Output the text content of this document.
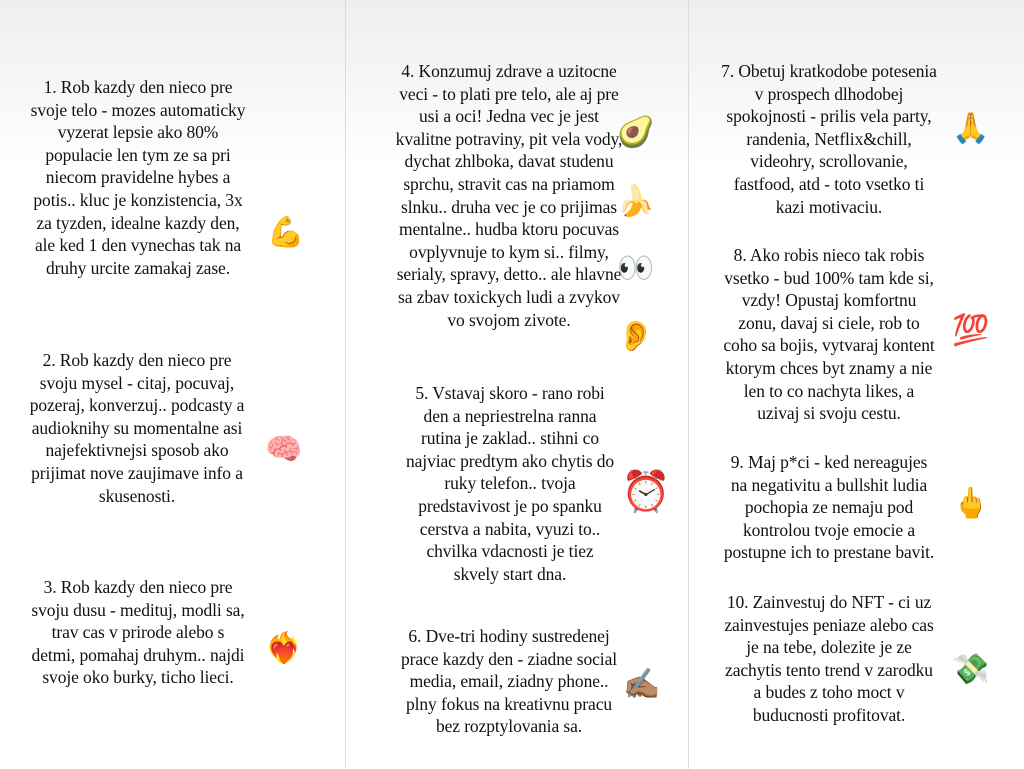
1. Rob kazdy den nieco pre svoje telo - mozes automaticky vyzerat lepsie ako 80% populacie len tym ze sa pri niecom pravidelne hybes a potis.. kluc je konzistencia, 3x za tyzden, idealne kazdy den, ale ked 1 den vynechas tak na druhy urcite zamakaj zase.

2. Rob kazdy den nieco pre svoju mysel - citaj, pocuvaj, pozeraj, konverzuj.. podcasty a audioknihy su momentalne asi najefektivnejsi sposob ako prijimat nove zaujimave info a skusenosti.

3. Rob kazdy den nieco pre svoju dusu - medituj, modli sa, trav cas v prirode alebo s detmi, pomahaj druhym.. najdi svoje oko burky, ticho lieci.

💪
🧠
❤️‍🔥

4. Konzumuj zdrave a uzitocne veci - to plati pre telo, ale aj pre usi a oci! Jedna vec je jest kvalitne potraviny, pit vela vody, dychat zhlboka, davat studenu sprchu, stravit cas na priamom slnku.. druha vec je co prijimas mentalne.. hudba ktoru pocuvas ovplyvnuje to kym si.. filmy, serialy, spravy, detto.. ale hlavne sa zbav toxickych ludi a zvykov vo svojom zivote.

5. Vstavaj skoro - rano robi den a nepriestrelna ranna rutina je zaklad.. stihni co najviac predtym ako chytis do ruky telefon.. tvoja predstavivost je po spanku cerstva a nabita, vyuzi to.. chvilka vdacnosti je tiez skvely start dna.

6. Dve-tri hodiny sustredenej prace kazdy den - ziadne social media, email, ziadny phone.. plny fokus na kreativnu pracu bez rozptylovania sa.

🥑
🍌
👀
👂
⏰
✍🏽

7. Obetuj kratkodobe potesenia v prospech dlhodobej spokojnosti - prilis vela party, randenia, Netflix&chill, videohry, scrollovanie, fastfood, atd - toto vsetko ti kazi motivaciu.

8. Ako robis nieco tak robis vsetko - bud 100% tam kde si, vzdy! Opustaj komfortnu zonu, davaj si ciele, rob to coho sa bojis, vytvaraj kontent ktorym chces byt znamy a nie len to co nachyta likes, a uzivaj si svoju cestu.

9. Maj p*ci - ked nereagujes na negativitu a bullshit ludia pochopia ze nemaju pod kontrolou tvoje emocie a postupne ich to prestane bavit.

10. Zainvestuj do NFT - ci uz zainvestujes peniaze alebo cas je na tebe, dolezite je ze zachytis tento trend v zarodku a budes z toho moct v buducnosti profitovat.

🙏
💯
🖕
💸
